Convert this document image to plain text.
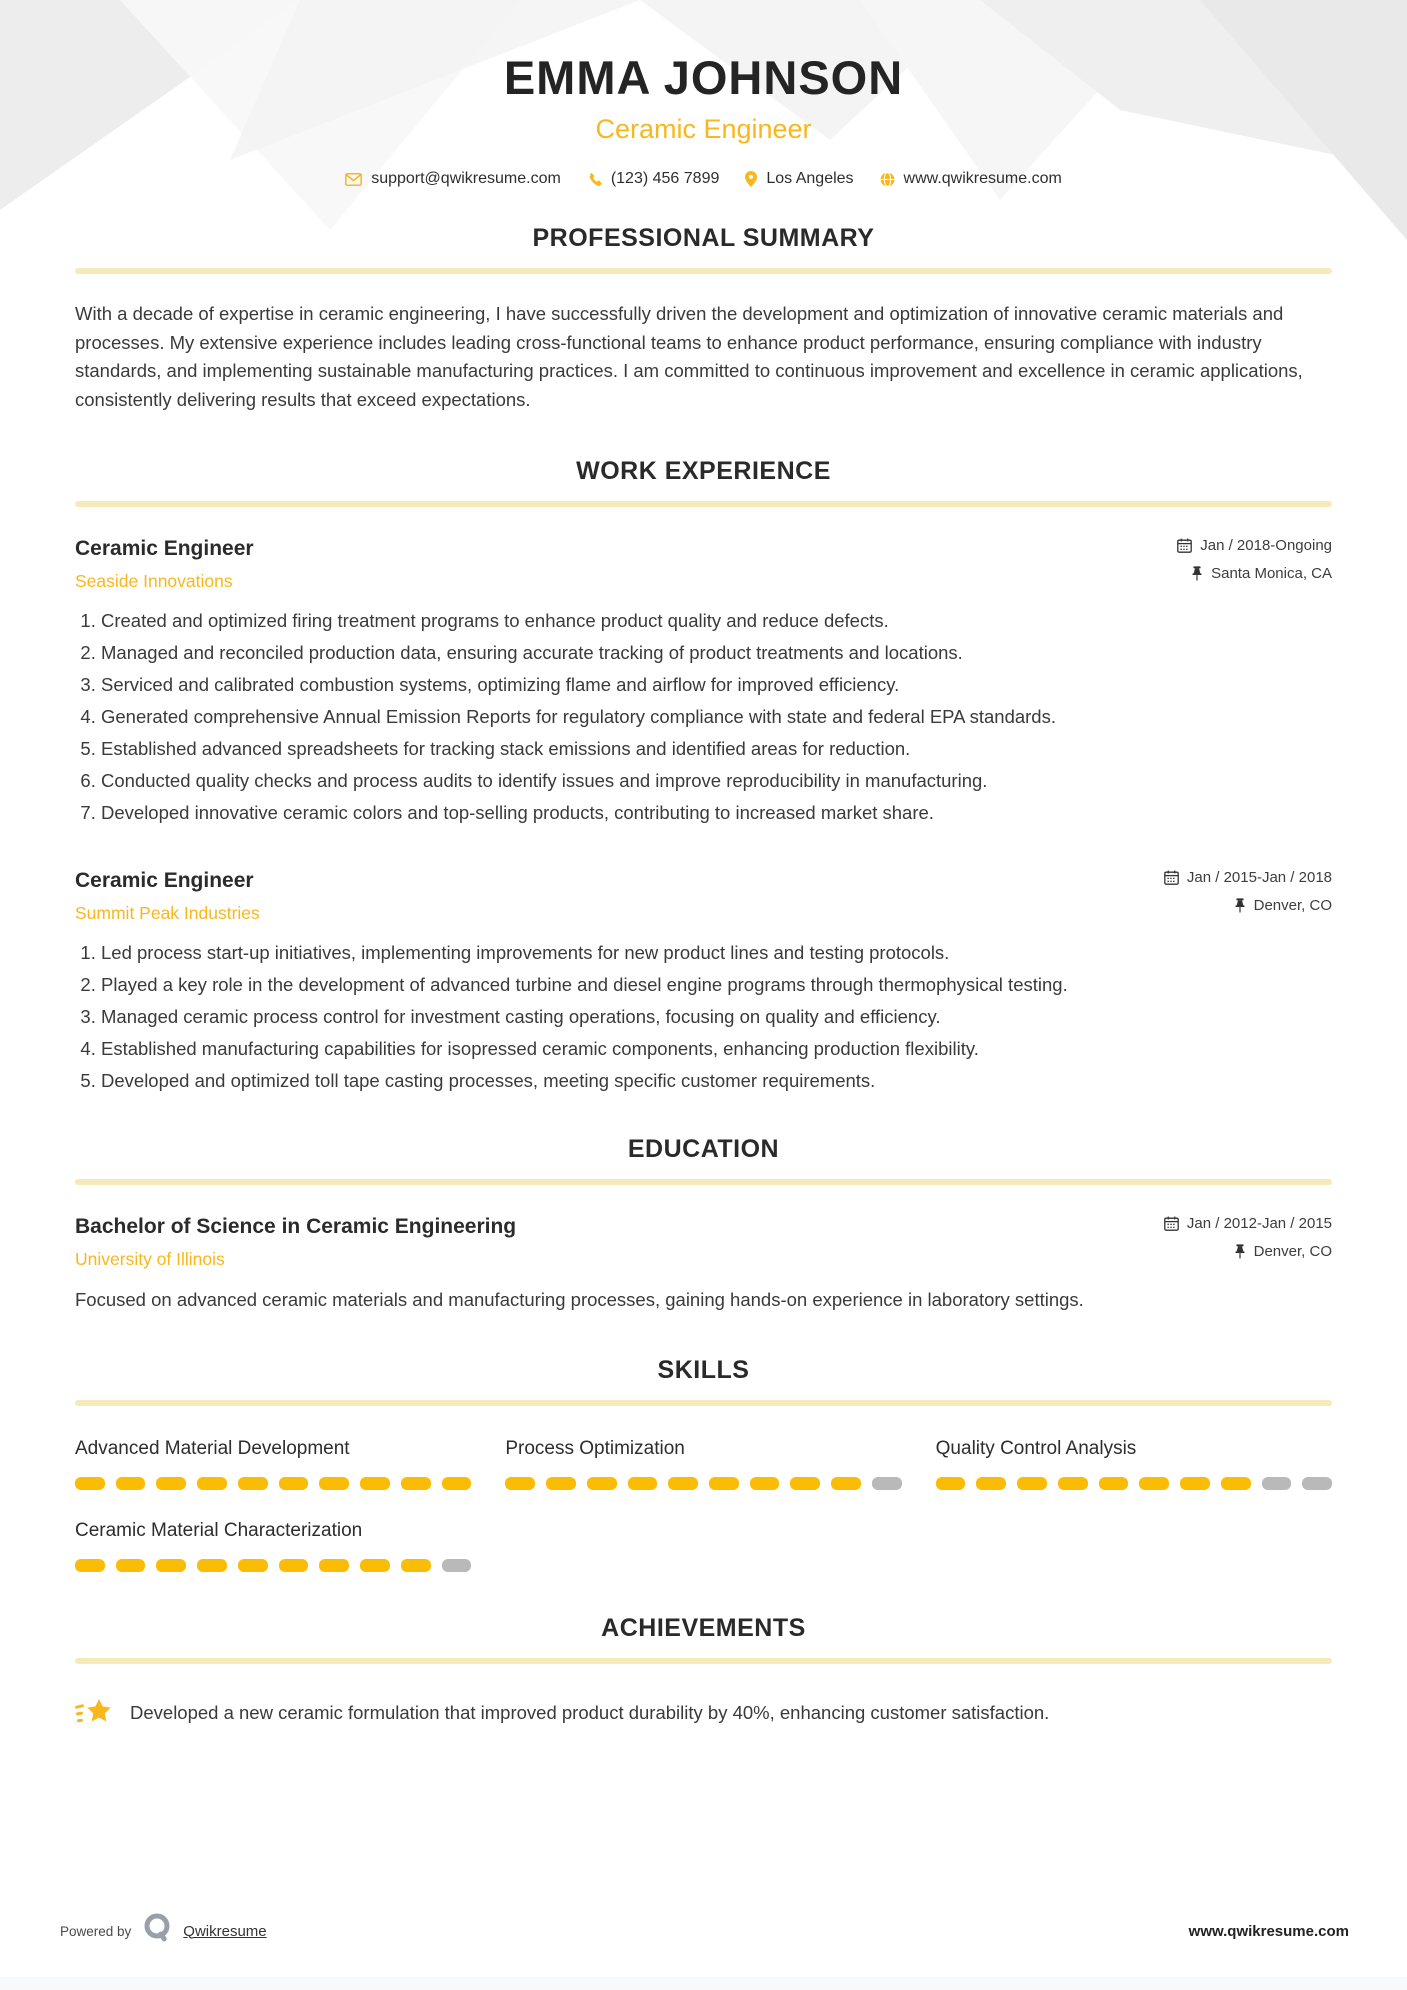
EMMA JOHNSON
Ceramic Engineer
support@qwikresume.com	(123) 456 7899	Los Angeles	www.qwikresume.com
PROFESSIONAL SUMMARY

With a decade of expertise in ceramic engineering, I have successfully driven the development and optimization of innovative ceramic materials and processes. My extensive experience includes leading cross-functional teams to enhance product performance, ensuring compliance with industry standards, and implementing sustainable manufacturing practices. I am committed to continuous improvement and excellence in ceramic applications, consistently delivering results that exceed expectations.

WORK EXPERIENCE
Ceramic Engineer
Seaside Innovations
Jan / 2018-Ongoing
Santa Monica, CA
1. Created and optimized firing treatment programs to enhance product quality and reduce defects.
2. Managed and reconciled production data, ensuring accurate tracking of product treatments and locations.
3. Serviced and calibrated combustion systems, optimizing flame and airflow for improved efficiency.
4. Generated comprehensive Annual Emission Reports for regulatory compliance with state and federal EPA standards.
5. Established advanced spreadsheets for tracking stack emissions and identified areas for reduction.
6. Conducted quality checks and process audits to identify issues and improve reproducibility in manufacturing.
7. Developed innovative ceramic colors and top-selling products, contributing to increased market share.
Ceramic Engineer
Summit Peak Industries
Jan / 2015-Jan / 2018
Denver, CO
1. Led process start-up initiatives, implementing improvements for new product lines and testing protocols.
2. Played a key role in the development of advanced turbine and diesel engine programs through thermophysical testing.
3. Managed ceramic process control for investment casting operations, focusing on quality and efficiency.
4. Established manufacturing capabilities for isopressed ceramic components, enhancing production flexibility.
5. Developed and optimized toll tape casting processes, meeting specific customer requirements.
EDUCATION
Bachelor of Science in Ceramic Engineering
University of Illinois
Jan / 2012-Jan / 2015
Denver, CO

Focused on advanced ceramic materials and manufacturing processes, gaining hands-on experience in laboratory settings.

SKILLS
Advanced Material Development	Process Optimization	Quality Control Analysis
Ceramic Material Characterization
ACHIEVEMENTS
Developed a new ceramic formulation that improved product durability by 40%, enhancing customer satisfaction.
Powered by	Qwikresume	www.qwikresume.com
